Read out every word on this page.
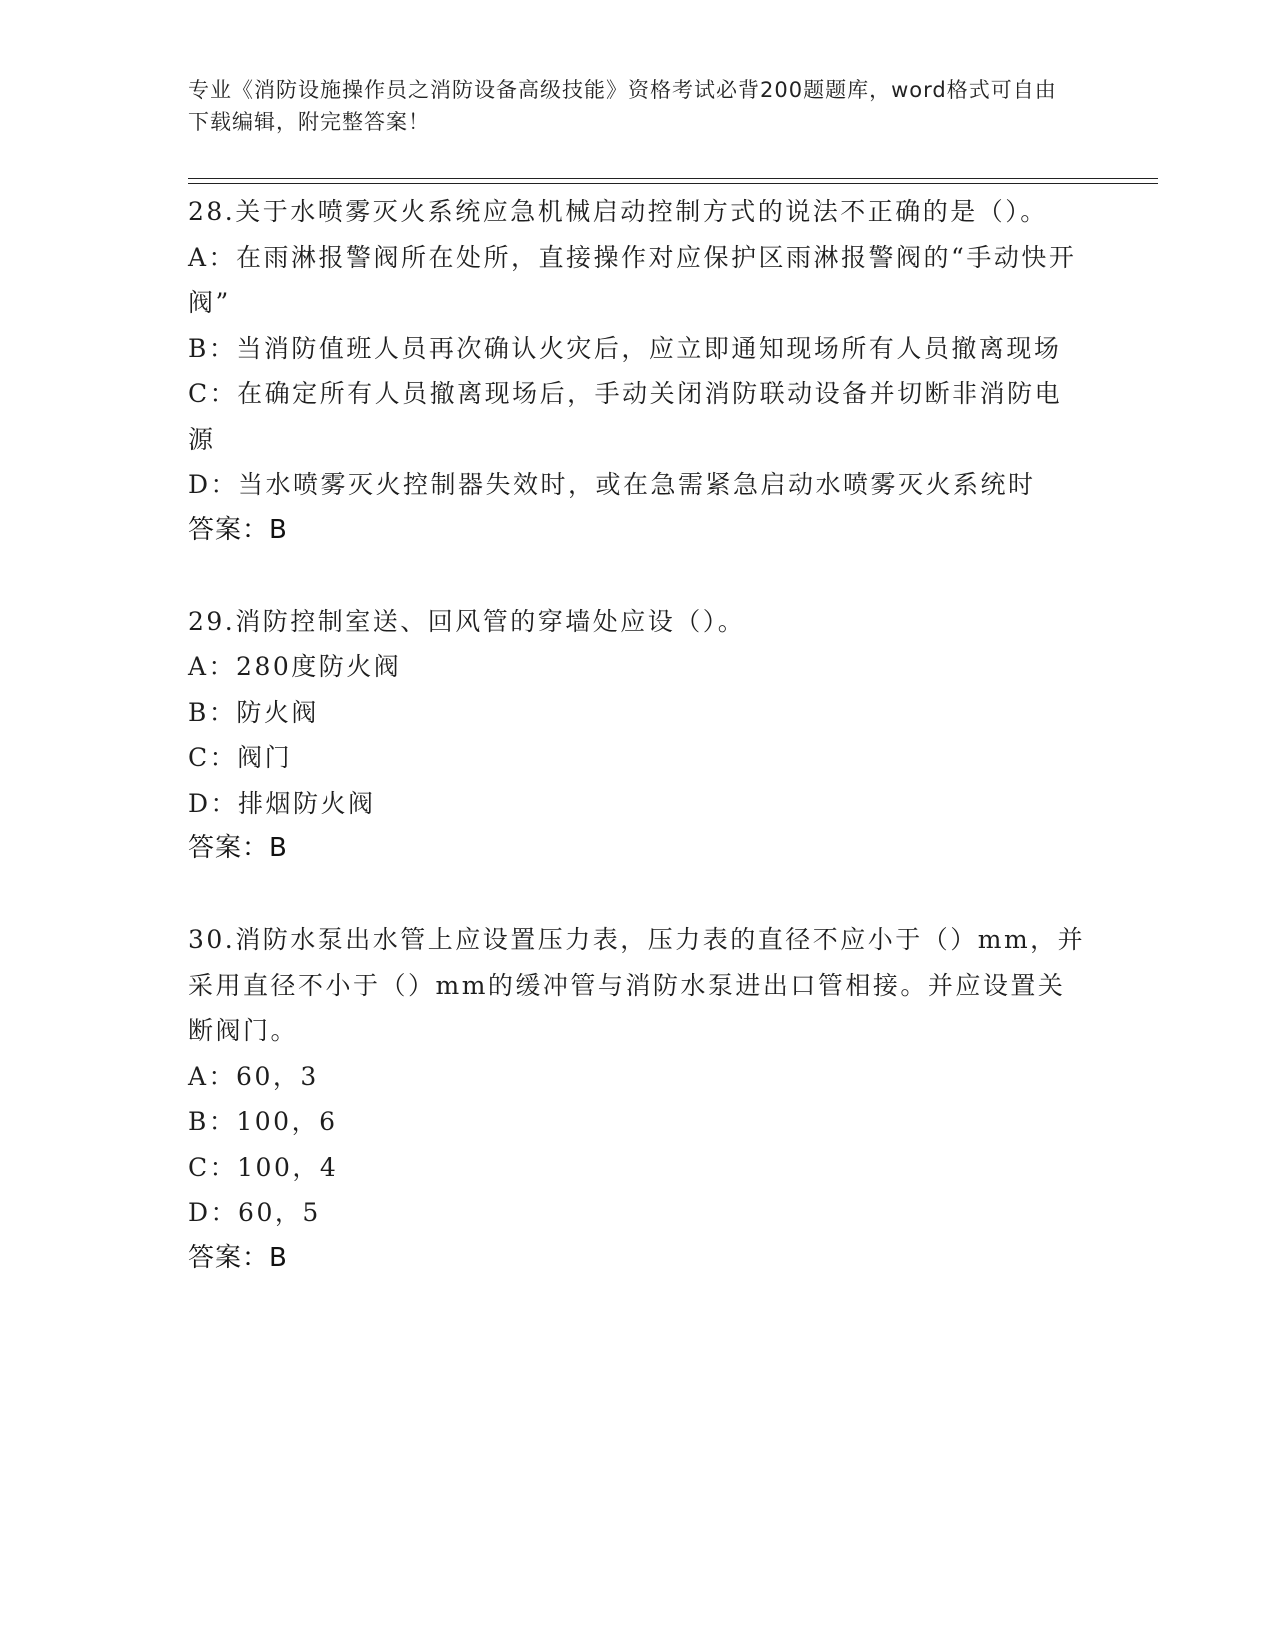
专业《消防设施操作员之消防设备高级技能》资格考试必背200题题库，word格式可自由下载编辑，附完整答案！
28.关于水喷雾灭火系统应急机械启动控制方式的说法不正确的是（）。
A：在雨淋报警阀所在处所，直接操作对应保护区雨淋报警阀的“手动快开阀”
B：当消防值班人员再次确认火灾后，应立即通知现场所有人员撤离现场
C：在确定所有人员撤离现场后，手动关闭消防联动设备并切断非消防电源
D：当水喷雾灭火控制器失效时，或在急需紧急启动水喷雾灭火系统时
答案：B
29.消防控制室送、回风管的穿墙处应设（）。
A：280度防火阀
B：防火阀
C：阀门
D：排烟防火阀
答案：B
30.消防水泵出水管上应设置压力表，压力表的直径不应小于（）mm，并采用直径不小于（）mm的缓冲管与消防水泵进出口管相接。并应设置关断阀门。
A：60，3
B：100，6
C：100，4
D：60，5
答案：B
